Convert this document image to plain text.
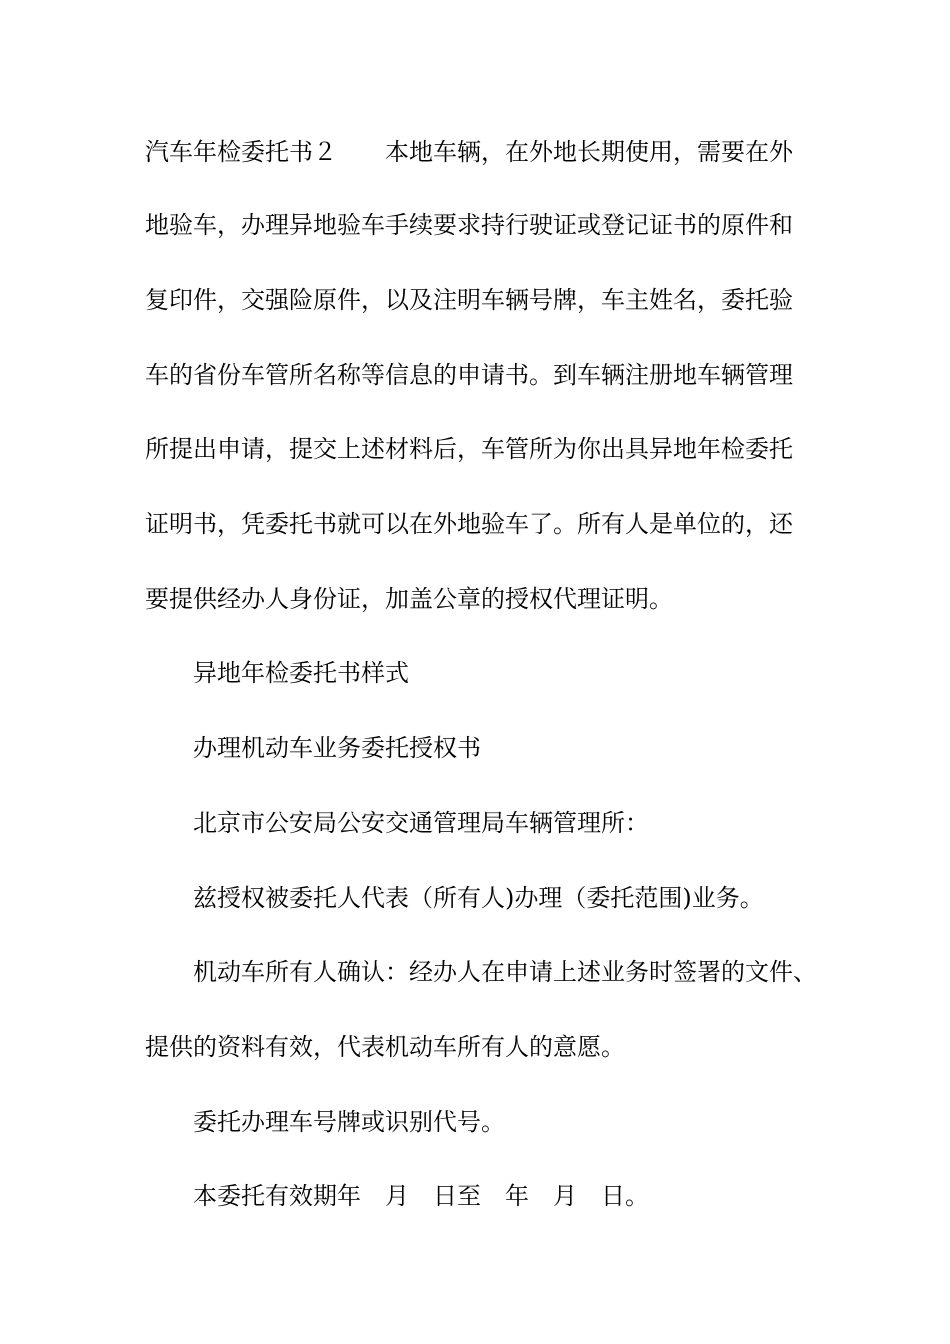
汽车年检委托书２　　本地车辆，在外地长期使用，需要在外
地验车，办理异地验车手续要求持行驶证或登记证书的原件和
复印件，交强险原件，以及注明车辆号牌，车主姓名，委托验
车的省份车管所名称等信息的申请书。到车辆注册地车辆管理
所提出申请，提交上述材料后，车管所为你出具异地年检委托
证明书，凭委托书就可以在外地验车了。所有人是单位的，还
要提供经办人身份证，加盖公章的授权代理证明。
异地年检委托书样式
办理机动车业务委托授权书
北京市公安局公安交通管理局车辆管理所：
兹授权被委托人代表（所有人)办理（委托范围)业务。
机动车所有人确认：经办人在申请上述业务时签署的文件、
提供的资料有效，代表机动车所有人的意愿。
委托办理车号牌或识别代号。
本委托有效期年　月　日至　年　月　日。
